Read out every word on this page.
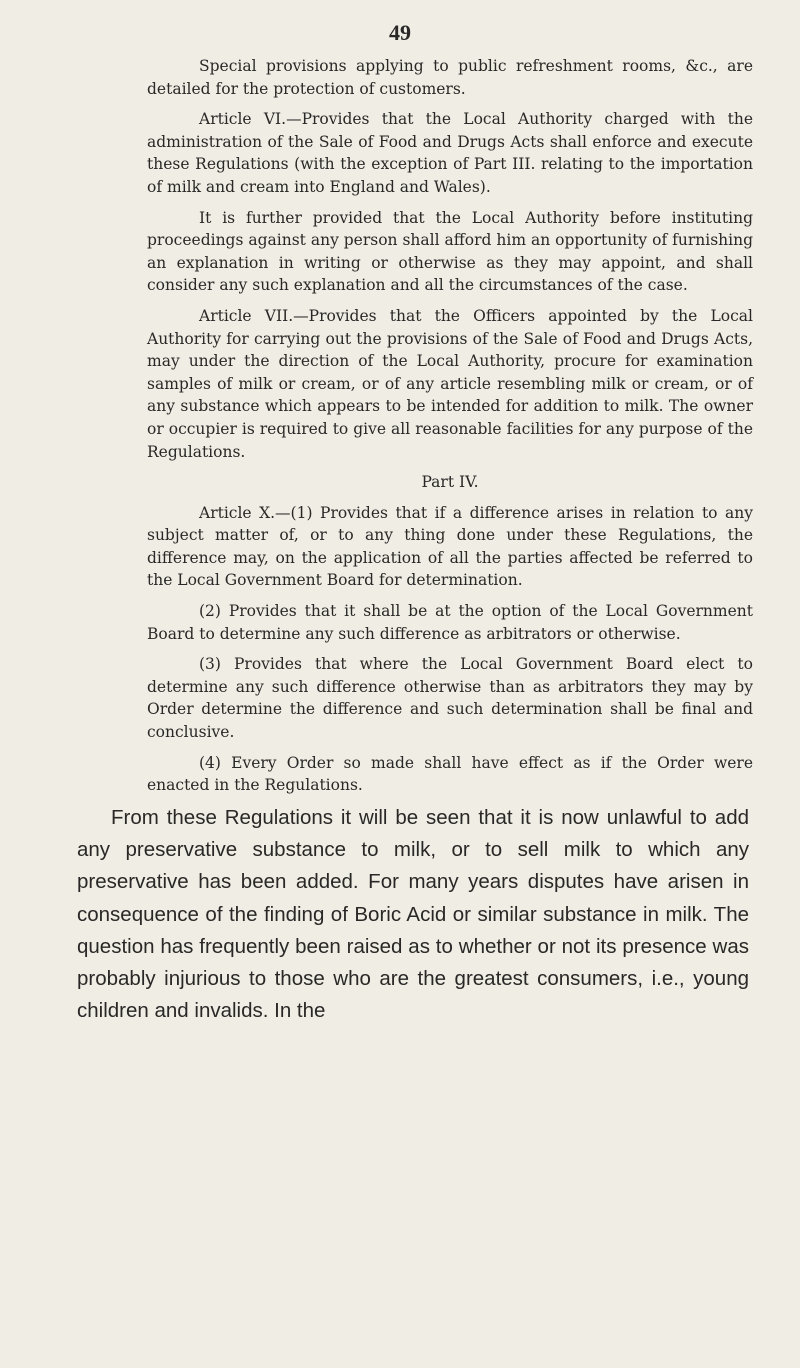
49

Special provisions applying to public refreshment rooms, &c., are detailed for the protection of customers.

Article VI.—Provides that the Local Authority charged with the administration of the Sale of Food and Drugs Acts shall enforce and execute these Regulations (with the exception of Part III. relating to the importation of milk and cream into England and Wales).

It is further provided that the Local Authority before instituting proceedings against any person shall afford him an opportunity of furnishing an explanation in writing or otherwise as they may appoint, and shall consider any such explanation and all the circumstances of the case.

Article VII.—Provides that the Officers appointed by the Local Authority for carrying out the provisions of the Sale of Food and Drugs Acts, may under the direction of the Local Authority, procure for examination samples of milk or cream, or of any article resembling milk or cream, or of any substance which appears to be intended for addition to milk. The owner or occupier is required to give all reasonable facilities for any purpose of the Regulations.

Part IV.

Article X.—(1) Provides that if a difference arises in relation to any subject matter of, or to any thing done under these Regulations, the difference may, on the application of all the parties affected be referred to the Local Government Board for determination.

(2) Provides that it shall be at the option of the Local Government Board to determine any such difference as arbitrators or otherwise.

(3) Provides that where the Local Government Board elect to determine any such difference otherwise than as arbitrators they may by Order determine the difference and such determination shall be final and conclusive.

(4) Every Order so made shall have effect as if the Order were enacted in the Regulations.

From these Regulations it will be seen that it is now unlawful to add any preservative substance to milk, or to sell milk to which any preservative has been added. For many years disputes have arisen in consequence of the finding of Boric Acid or similar substance in milk. The question has frequently been raised as to whether or not its presence was probably injurious to those who are the greatest consumers, i.e., young children and invalids. In the
